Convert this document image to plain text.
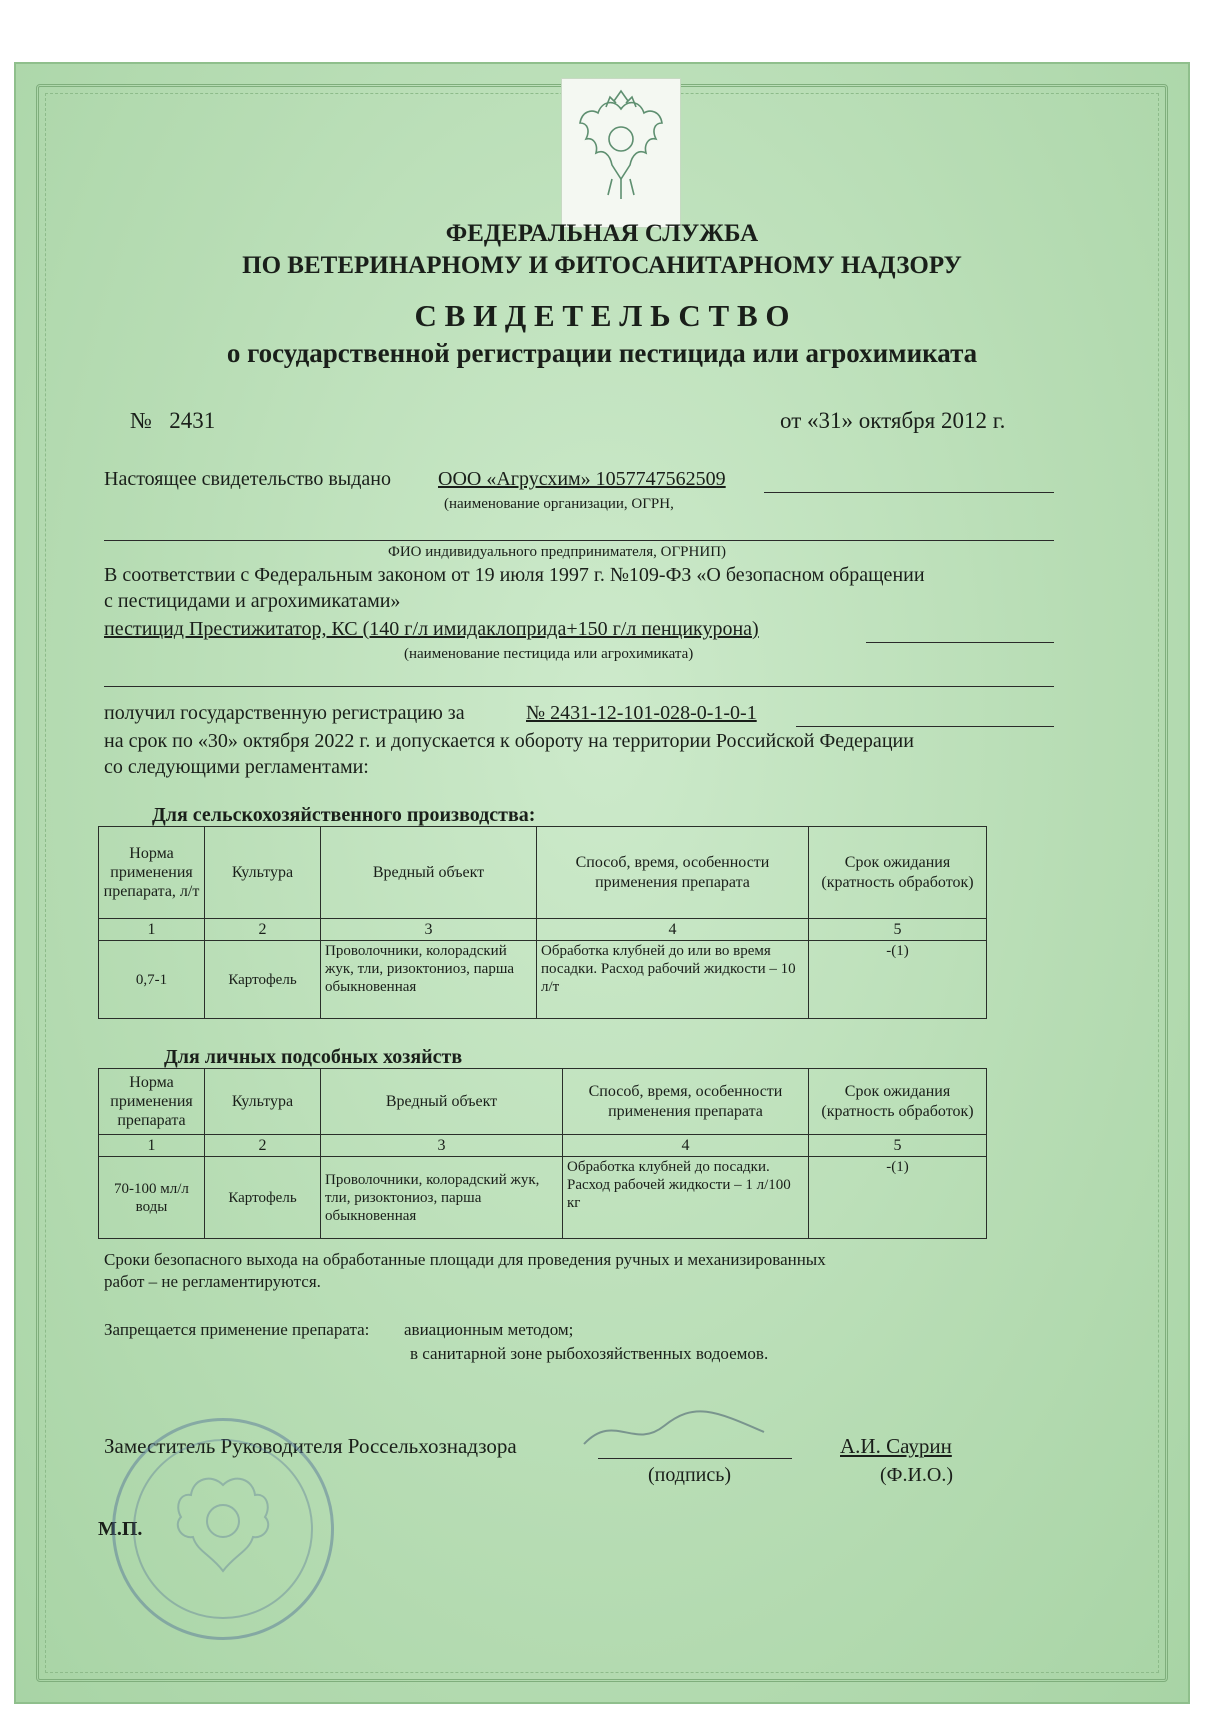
ФЕДЕРАЛЬНАЯ СЛУЖБА
ПО ВЕТЕРИНАРНОМУ И ФИТОСАНИТАРНОМУ НАДЗОРУ
С В И Д Е Т Е Л Ь С Т В О
о государственной регистрации пестицида или агрохимиката
№ 2431	от «31» октября 2012 г.
Настоящее свидетельство выдано ООО «Агрусхим» 1057747562509
(наименование организации, ОГРН,
ФИО индивидуального предпринимателя, ОГРНИП)
В соответствии с Федеральным законом от 19 июля 1997 г. №109-ФЗ «О безопасном обращении
с пестицидами и агрохимикатами»
пестицид Престижитатор, КС (140 г/л имидаклоприда+150 г/л пенцикурона)
(наименование пестицида или агрохимиката)
получил государственную регистрацию за	№ 2431-12-101-028-0-1-0-1
на срок по «30» октября 2022 г. и допускается к обороту на территории Российской Федерации
со следующими регламентами:
Для сельскохозяйственного производства:
Норма применения препарата, л/т	Культура	Вредный объект	Способ, время, особенности применения препарата	Срок ожидания (кратность обработок)
1	2	3	4	5
0,7-1	Картофель	Проволочники, колорадский жук, тли, ризоктониоз, парша обыкновенная	Обработка клубней до или во время посадки. Расход рабочий жидкости – 10 л/т	-(1)
Для личных подсобных хозяйств
Норма применения препарата	Культура	Вредный объект	Способ, время, особенности применения препарата	Срок ожидания (кратность обработок)
1	2	3	4	5
70-100 мл/л воды	Картофель	Проволочники, колорадский жук, тли, ризоктониоз, парша обыкновенная	Обработка клубней до посадки. Расход рабочей жидкости – 1 л/100 кг	-(1)
Сроки безопасного выхода на обработанные площади для проведения ручных и механизированных
работ – не регламентируются.
Запрещается применение препарата: авиационным методом;
в санитарной зоне рыбохозяйственных водоемов.
Заместитель Руководителя Россельхознадзора
(подпись)
А.И. Саурин
(Ф.И.О.)
М.П.
